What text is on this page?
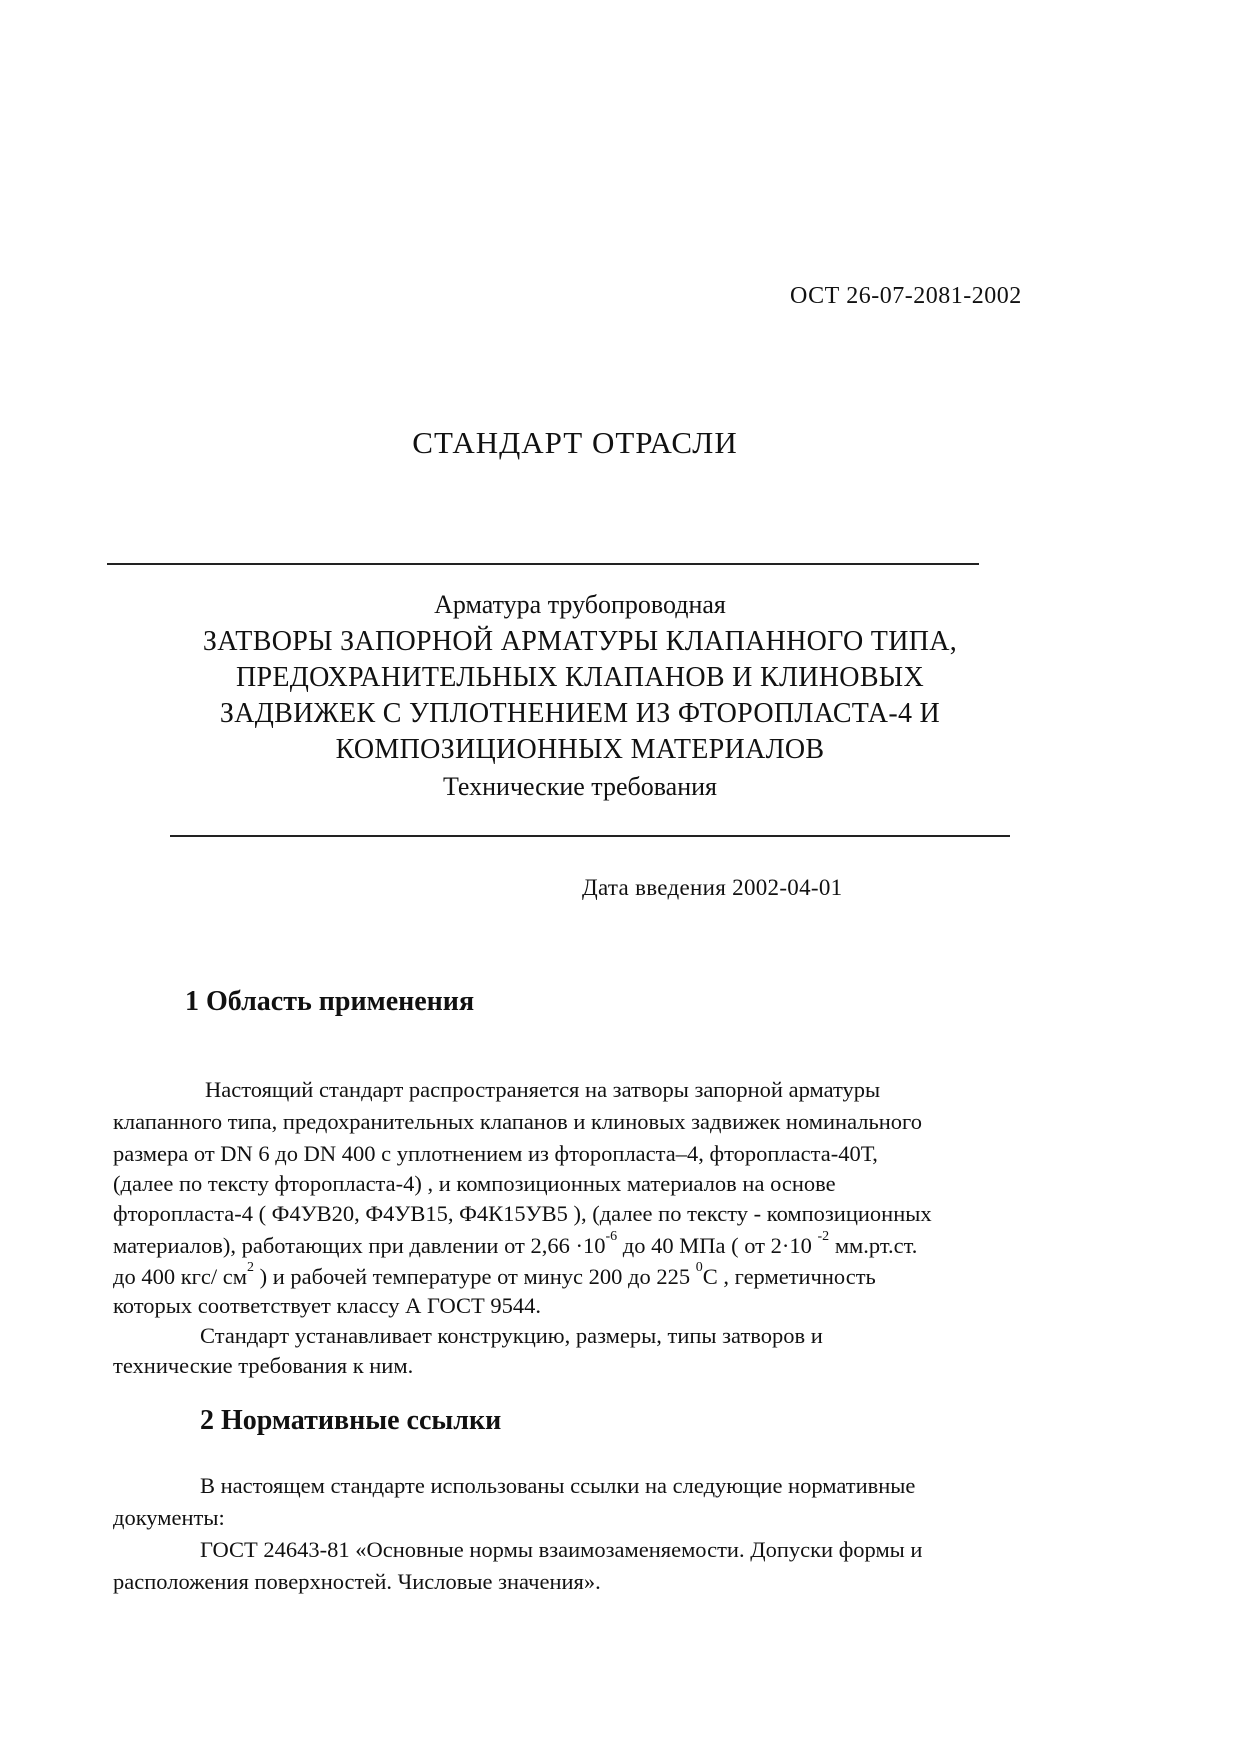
ОСТ 26-07-2081-2002
СТАНДАРТ ОТРАСЛИ
Арматура трубопроводная
ЗАТВОРЫ ЗАПОРНОЙ АРМАТУРЫ КЛАПАННОГО ТИПА,
ПРЕДОХРАНИТЕЛЬНЫХ КЛАПАНОВ И КЛИНОВЫХ
ЗАДВИЖЕК С УПЛОТНЕНИЕМ ИЗ ФТОРОПЛАСТА-4 И
КОМПОЗИЦИОННЫХ МАТЕРИАЛОВ
Технические требования
Дата введения 2002-04-01
1 Область применения
Настоящий стандарт распространяется на затворы запорной арматуры
клапанного типа, предохранительных клапанов и клиновых задвижек номинального
размера от DN 6 до DN 400 с уплотнением из фторопласта–4, фторопласта-40Т,
(далее по тексту фторопласта-4) , и композиционных материалов на основе
фторопласта-4 ( Ф4УВ20, Ф4УВ15, Ф4К15УВ5 ), (далее по тексту - композиционных
материалов), работающих при давлении от $2,66 \cdot 10^{-6}$ до 40 МПа ( от 2·10 $^{-2}$ мм.рт.ст.
до 400 кгс/ $см^2$ ) и рабочей температуре от минус 200 до 225 $^0$С , герметичность
которых соответствует классу А ГОСТ 9544.
Стандарт устанавливает конструкцию, размеры, типы затворов и
технические требования к ним.
2 Нормативные ссылки
В настоящем стандарте использованы ссылки на следующие нормативные
документы:
ГОСТ 24643-81 «Основные нормы взаимозаменяемости. Допуски формы и
расположения поверхностей. Числовые значения».
